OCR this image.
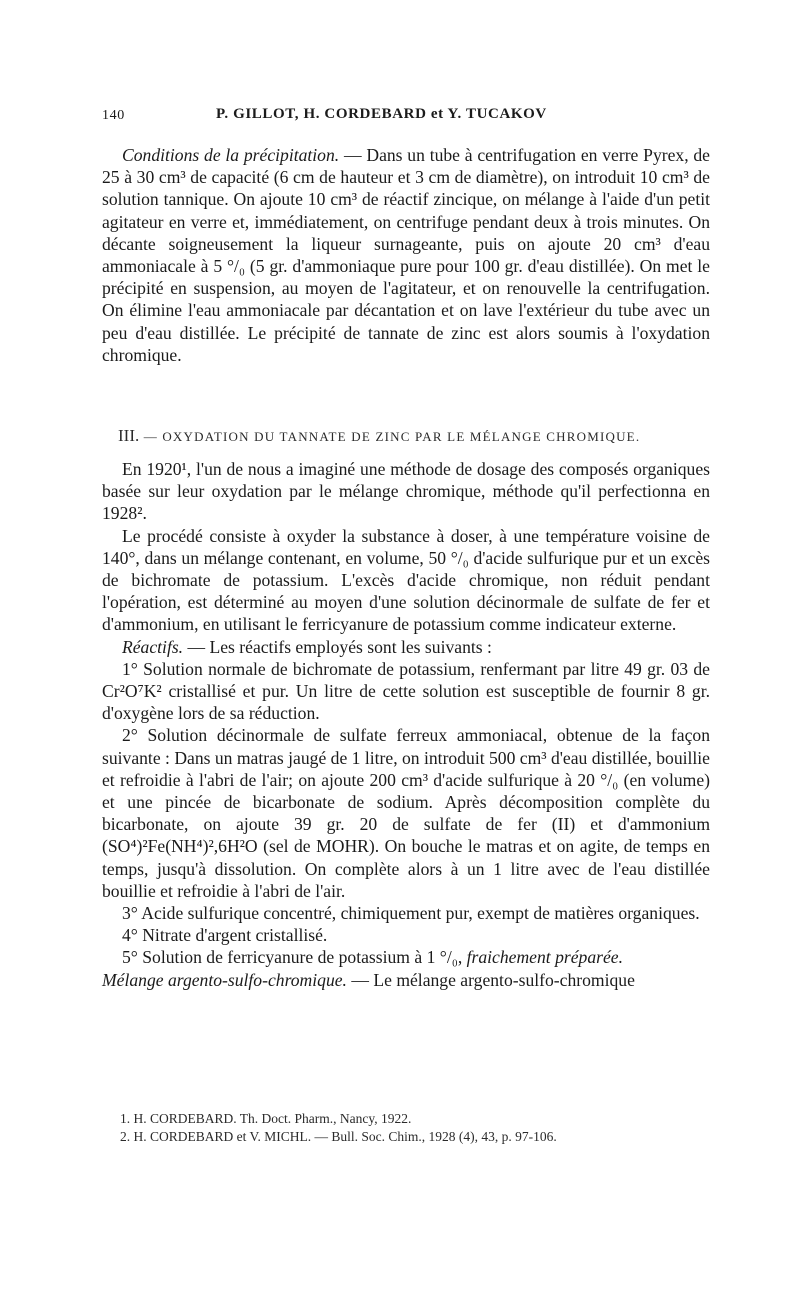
140	P. GILLOT, H. CORDEBARD et Y. TUCAKOV

Conditions de la précipitation. — Dans un tube à centrifugation en verre Pyrex, de 25 à 30 cm³ de capacité (6 cm de hauteur et 3 cm de diamètre), on introduit 10 cm³ de solution tannique. On ajoute 10 cm³ de réactif zincique, on mélange à l'aide d'un petit agitateur en verre et, immédiatement, on centrifuge pendant deux à trois minutes. On décante soigneusement la liqueur surnageante, puis on ajoute 20 cm³ d'eau ammoniacale à 5 °/₀ (5 gr. d'ammoniaque pure pour 100 gr. d'eau distillée). On met le précipité en suspension, au moyen de l'agitateur, et on renouvelle la centrifugation. On élimine l'eau ammoniacale par décantation et on lave l'extérieur du tube avec un peu d'eau distillée. Le précipité de tannate de zinc est alors soumis à l'oxydation chromique.

III. — OXYDATION DU TANNATE DE ZINC PAR LE MÉLANGE CHROMIQUE.

En 1920¹, l'un de nous a imaginé une méthode de dosage des composés organiques basée sur leur oxydation par le mélange chromique, méthode qu'il perfectionna en 1928².

Le procédé consiste à oxyder la substance à doser, à une température voisine de 140°, dans un mélange contenant, en volume, 50 °/₀ d'acide sulfurique pur et un excès de bichromate de potassium. L'excès d'acide chromique, non réduit pendant l'opération, est déterminé au moyen d'une solution décinormale de sulfate de fer et d'ammonium, en utilisant le ferricyanure de potassium comme indicateur externe.

Réactifs. — Les réactifs employés sont les suivants :

1° Solution normale de bichromate de potassium, renfermant par litre 49 gr. 03 de Cr²O⁷K² cristallisé et pur. Un litre de cette solution est susceptible de fournir 8 gr. d'oxygène lors de sa réduction.

2° Solution décinormale de sulfate ferreux ammoniacal, obtenue de la façon suivante : Dans un matras jaugé de 1 litre, on introduit 500 cm³ d'eau distillée, bouillie et refroidie à l'abri de l'air; on ajoute 200 cm³ d'acide sulfurique à 20 °/₀ (en volume) et une pincée de bicarbonate de sodium. Après décomposition complète du bicarbonate, on ajoute 39 gr. 20 de sulfate de fer (II) et d'ammonium (SO⁴)²Fe(NH⁴)²,6H²O (sel de MOHR). On bouche le matras et on agite, de temps en temps, jusqu'à dissolution. On complète alors à un 1 litre avec de l'eau distillée bouillie et refroidie à l'abri de l'air.

3° Acide sulfurique concentré, chimiquement pur, exempt de matières organiques.

4° Nitrate d'argent cristallisé.

5° Solution de ferricyanure de potassium à 1 °/₀, fraichement préparée.

Mélange argento-sulfo-chromique. — Le mélange argento-sulfo-chromique

1. H. CORDEBARD. Th. Doct. Pharm., Nancy, 1922.
2. H. CORDEBARD et V. MICHL. — Bull. Soc. Chim., 1928 (4), 43, p. 97-106.
